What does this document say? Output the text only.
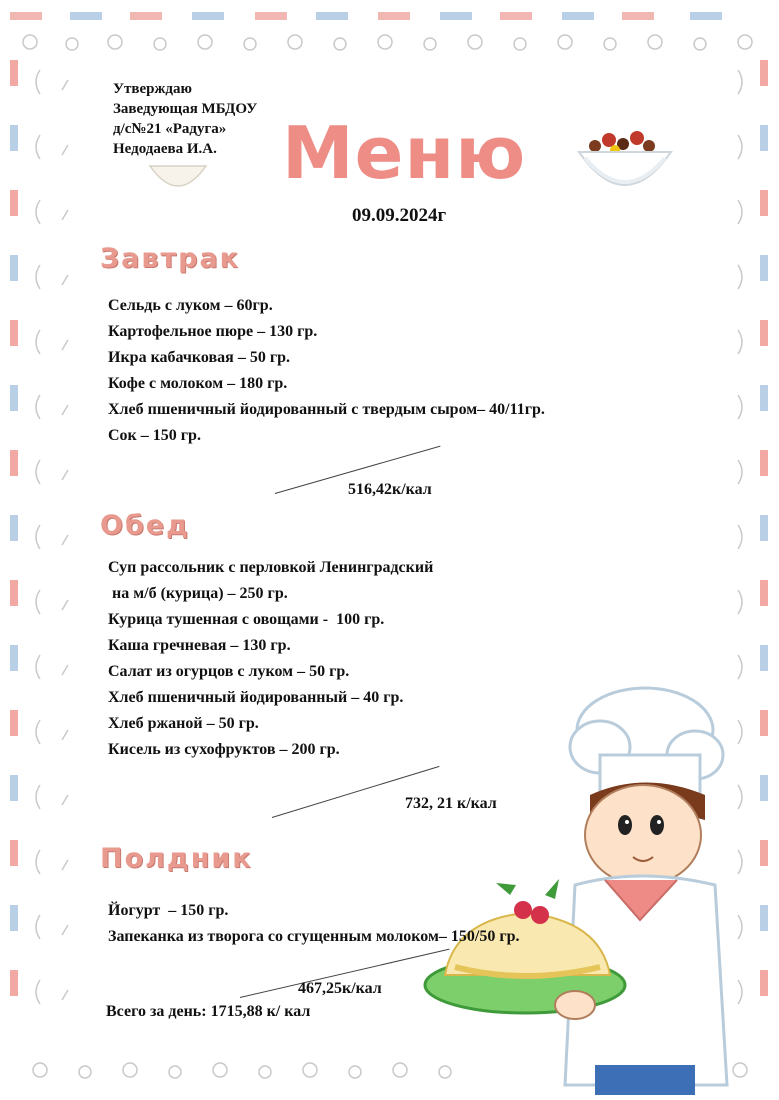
Утверждаю
Заведующая МБДОУ
д/с№21 «Радуга»
Недодаева И.А. Меню
09.09.2024г
Завтрак
Сельдь с луком – 60гр.
Картофельное пюре – 130 гр.
Икра кабачковая – 50 гр.
Кофе с молоком – 180 гр.
Хлеб пшеничный йодированный с твердым сыром– 40/11гр.
Сок – 150 гр.
516,42к/кал
Обед
Суп рассольник с перловкой Ленинградский
на м/б (курица) – 250 гр.
Курица тушенная с овощами -  100 гр.
Каша гречневая – 130 гр.
Салат из огурцов с луком – 50 гр.
Хлеб пшеничный йодированный – 40 гр.
Хлеб ржаной – 50 гр.
Кисель из сухофруктов – 200 гр.
732, 21 к/кал
Полдник
Йогурт  – 150 гр.
Запеканка из творога со сгущенным молоком– 150/50 гр.
467,25к/кал
Всего за день: 1715,88 к/ кал
